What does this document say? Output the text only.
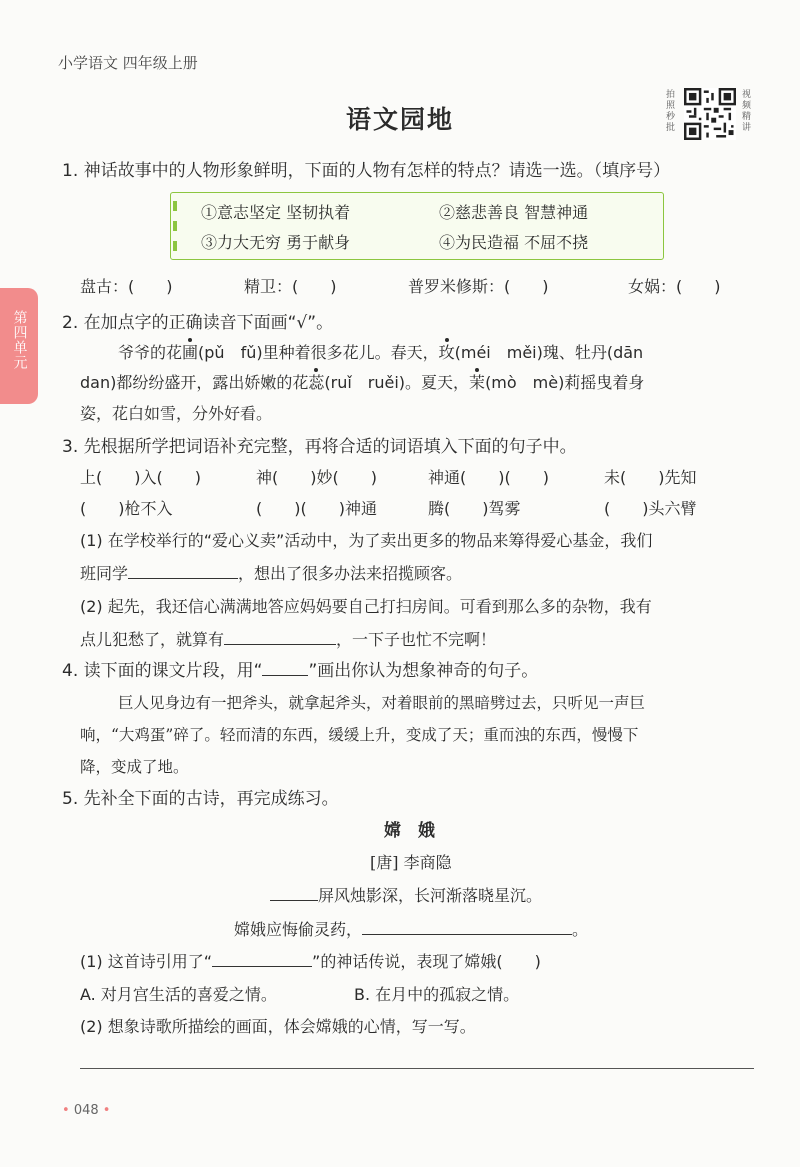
小学语文 四年级上册
拍照秒批
视频精讲
语文园地
第四单元
1. 神话故事中的人物形象鲜明，下面的人物有怎样的特点？请选一选。（填序号）
①意志坚定 坚韧执着	②慈悲善良 智慧神通
③力大无穷 勇于献身	④为民造福 不屈不挠
盘古：(　　)	精卫：(　　)	普罗米修斯：(　　)	女娲：(　　)
2. 在加点字的正确读音下面画“√”。
爷爷的花圃(pǔ　fǔ)里种着很多花儿。春天，玫(méi　měi)瑰、牡丹(dān
dan)都纷纷盛开，露出娇嫩的花蕊(ruǐ　ruěi)。夏天，茉(mò　mè)莉摇曳着身
姿，花白如雪，分外好看。
3. 先根据所学把词语补充完整，再将合适的词语填入下面的句子中。
上(　　)入(　　)	神(　　)妙(　　)	神通(　　)(　　)	未(　　)先知
(　　)枪不入	(　　)(　　)神通	腾(　　)驾雾	(　　)头六臂
(1) 在学校举行的“爱心义卖”活动中，为了卖出更多的物品来筹得爱心基金，我们
班同学	，想出了很多办法来招揽顾客。
(2) 起先，我还信心满满地答应妈妈要自己打扫房间。可看到那么多的杂物，我有
点儿犯愁了，就算有	，一下子也忙不完啊！
4. 读下面的课文片段，用“	”画出你认为想象神奇的句子。
巨人见身边有一把斧头，就拿起斧头，对着眼前的黑暗劈过去，只听见一声巨
响，“大鸡蛋”碎了。轻而清的东西，缓缓上升，变成了天；重而浊的东西，慢慢下
降，变成了地。
5. 先补全下面的古诗，再完成练习。
嫦　娥
[唐] 李商隐
屏风烛影深，长河渐落晓星沉。
嫦娥应悔偷灵药，	。
(1) 这首诗引用了“	”的神话传说，表现了嫦娥(　　)
A. 对月宫生活的喜爱之情。	B. 在月中的孤寂之情。
(2) 想象诗歌所描绘的画面，体会嫦娥的心情，写一写。
• 048 •
